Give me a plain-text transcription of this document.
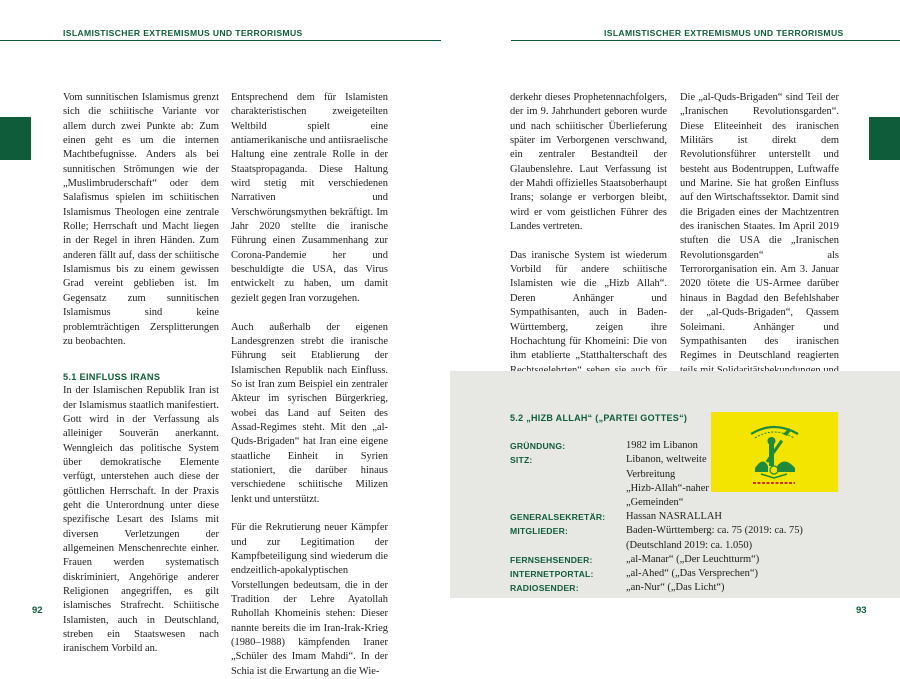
ISLAMISTISCHER EXTREMISMUS UND TERRORISMUS	ISLAMISTISCHER EXTREMISMUS UND TERRORISMUS

Vom sunnitischen Islamismus grenzt sich die schiitische Variante vor allem durch zwei Punkte ab: Zum einen geht es um die internen Machtbefugnisse. Anders als bei sunnitischen Strömungen wie der „Muslimbruderschaft“ oder dem Salafismus spielen im schiitischen Islamismus Theologen eine zentrale Rolle; Herrschaft und Macht liegen in der Regel in ihren Händen. Zum anderen fällt auf, dass der schiitische Islamismus bis zu einem gewissen Grad vereint geblieben ist. Im Gegensatz zum sunnitischen Islamismus sind keine problemträchtigen Zersplitterungen zu beobachten.

5.1 EINFLUSS IRANS

In der Islamischen Republik Iran ist der Islamismus staatlich manifestiert. Gott wird in der Verfassung als alleiniger Souverän anerkannt. Wenngleich das politische System über demokratische Elemente verfügt, unterstehen auch diese der göttlichen Herrschaft. In der Praxis geht die Unterordnung unter diese spezifische Lesart des Islams mit diversen Verletzungen der allgemeinen Menschenrechte einher. Frauen werden systematisch diskriminiert, Angehörige anderer Religionen angegriffen, es gilt islamisches Strafrecht. Schiitische Islamisten, auch in Deutschland, streben ein Staatswesen nach iranischem Vorbild an.

Entsprechend dem für Islamisten charakteristischen zweigeteilten Weltbild spielt eine antiamerikanische und antiisraelische Haltung eine zentrale Rolle in der Staatspropaganda. Diese Haltung wird stetig mit verschiedenen Narrativen und Verschwörungsmythen bekräftigt. Im Jahr 2020 stellte die iranische Führung einen Zusammenhang zur Corona-Pandemie her und beschuldigte die USA, das Virus entwickelt zu haben, um damit gezielt gegen Iran vorzugehen.

Auch außerhalb der eigenen Landesgrenzen strebt die iranische Führung seit Etablierung der Islamischen Republik nach Einfluss. So ist Iran zum Beispiel ein zentraler Akteur im syrischen Bürgerkrieg, wobei das Land auf Seiten des Assad-Regimes steht. Mit den „al-Quds-Brigaden“ hat Iran eine eigene staatliche Einheit in Syrien stationiert, die darüber hinaus verschiedene schiitische Milizen lenkt und unterstützt.

Für die Rekrutierung neuer Kämpfer und zur Legitimation der Kampfbeteiligung sind wiederum die endzeitlich-apokalyptischen Vorstellungen bedeutsam, die in der Tradition der Lehre Ayatollah Ruhollah Khomeinis stehen: Dieser nannte bereits die im Iran-Irak-Krieg (1980–1988) kämpfenden Iraner „Schüler des Imam Mahdi“. In der Schia ist die Erwartung an die Wie-

derkehr dieses Prophetennachfolgers, der im 9. Jahrhundert geboren wurde und nach schiitischer Überlieferung später im Verborgenen verschwand, ein zentraler Bestandteil der Glaubenslehre. Laut Verfassung ist der Mahdi offizielles Staatsoberhaupt Irans; solange er verborgen bleibt, wird er vom geistlichen Führer des Landes vertreten.

Das iranische System ist wiederum Vorbild für andere schiitische Islamisten wie die „Hizb Allah“. Deren Anhänger und Sympathisanten, auch in Baden-Württemberg, zeigen ihre Hochachtung für Khomeini: Die von ihm etablierte „Statthalterschaft des

Die „al-Quds-Brigaden“ sind Teil der „Iranischen Revolutionsgarden“. Diese Eliteeinheit des iranischen Militärs ist direkt dem Revolutionsführer unterstellt und besteht aus Bodentruppen, Luftwaffe und Marine. Sie hat großen Einfluss auf den Wirtschaftssektor. Damit sind die Brigaden eines der Machtzentren des iranischen Staates. Im April 2019 stuften die USA die „Iranischen Revolutionsgarden“ als Terrororganisation ein. Am 3. Januar 2020 tötete die US-Armee darüber hinaus in Bagdad den Befehlshaber der „al-Quds-Brigaden“, Qassem Soleimani. Anhänger und Sympathisanten des iranischen Regimes in Deutschland reagierten

5.2 „HIZB ALLAH“ („PARTEI GOTTES“)
GRÜNDUNG:	1982 im Libanon
SITZ:	Libanon, weltweite
Verbreitung
„Hizb-Allah“-naher
„Gemeinden“
GENERALSEKRETÄR: Hassan NASRALLAH
MITGLIEDER:	Baden-Württemberg: ca. 75 (2019: ca. 75)
(Deutschland 2019: ca. 1.050)
FERNSEHSENDER:	„al-Manar“ („Der Leuchtturm“)
INTERNETPORTAL:	„al-Ahed“ („Das Versprechen“)
RADIOSENDER:	„an-Nur“ („Das Licht“)
92	93
